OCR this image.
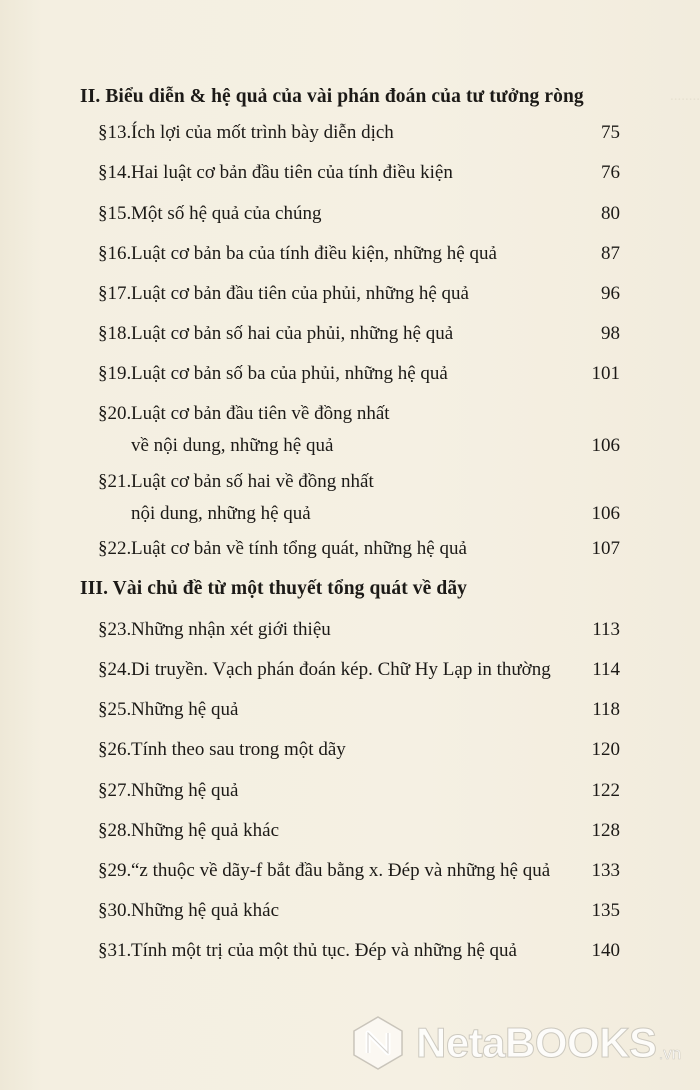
........
II. Biểu diễn & hệ quả của vài phán đoán của tư tưởng ròng
§13. Ích lợi của mốt trình bày diễn dịch	75
§14. Hai luật cơ bản đầu tiên của tính điều kiện	76
§15. Một số hệ quả của chúng	80
§16. Luật cơ bản ba của tính điều kiện, những hệ quả	87
§17. Luật cơ bản đầu tiên của phủi, những hệ quả	96
§18. Luật cơ bản số hai của phủi, những hệ quả	98
§19. Luật cơ bản số ba của phủi, những hệ quả	101
§20. Luật cơ bản đầu tiên về đồng nhất
về nội dung, những hệ quả	106
§21. Luật cơ bản số hai về đồng nhất
nội dung, những hệ quả	106
§22. Luật cơ bản về tính tổng quát, những hệ quả	107
III. Vài chủ đề từ một thuyết tổng quát về dãy
§23. Những nhận xét giới thiệu	113
§24. Di truyền. Vạch phán đoán kép. Chữ Hy Lạp in thường 114
§25. Những hệ quả	118
§26. Tính theo sau trong một dãy	120
§27. Những hệ quả	122
§28. Những hệ quả khác	128
§29. “z thuộc về dãy-f bắt đầu bằng x. Đép và những hệ quả 133
§30. Những hệ quả khác	135
§31. Tính một trị của một thủ tục. Đép và những hệ quả	140
NetaBOOKS .vn
